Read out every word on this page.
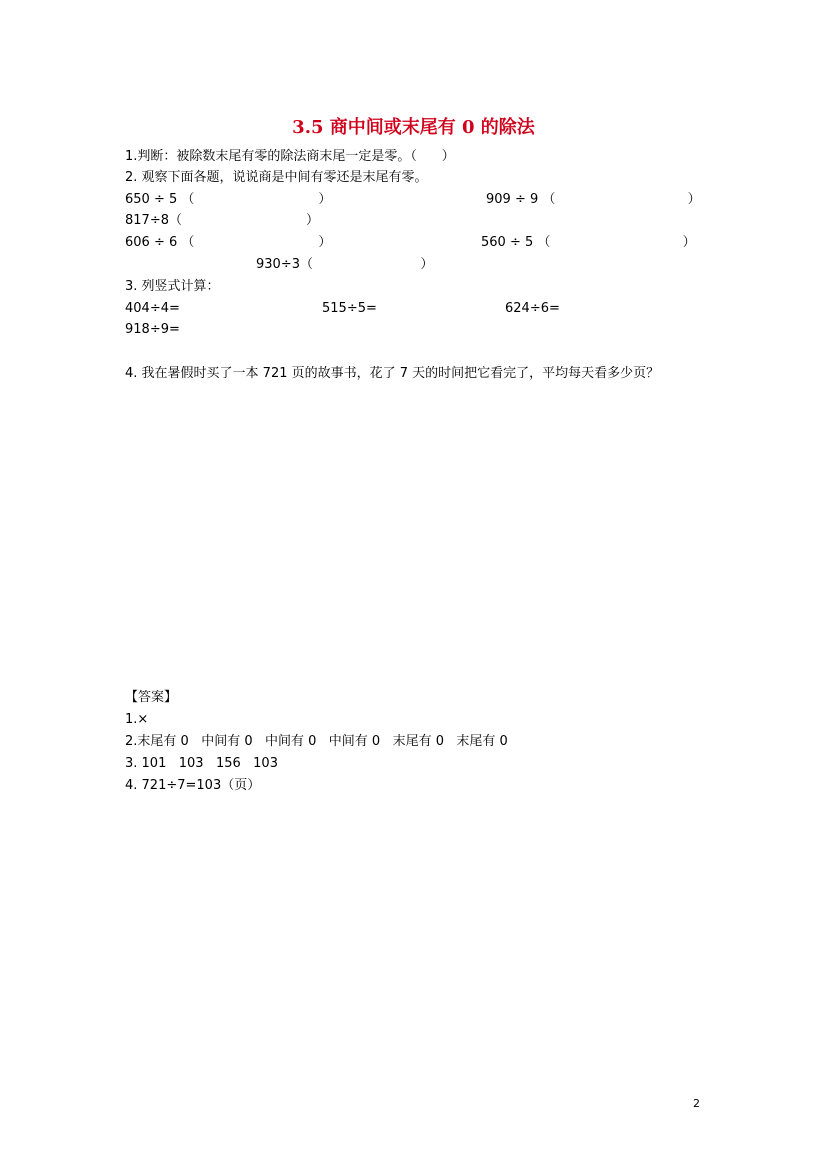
3.5 商中间或末尾有 0 的除法
1.判断：被除数末尾有零的除法商末尾一定是零。（      ）
2. 观察下面各题，说说商是中间有零还是末尾有零。
650 ÷ 5 （                              ）	909 ÷ 9 （                                ）
817÷8（                              ）
606 ÷ 6 （                              ）	560 ÷ 5 （                                ）
930÷3（                          ）
3. 列竖式计算：
404÷4=	515÷5=	624÷6=
918÷9=
4. 我在暑假时买了一本 721 页的故事书，花了 7 天的时间把它看完了，平均每天看多少页？
【答案】
1.×
2.末尾有 0   中间有 0   中间有 0   中间有 0   末尾有 0   末尾有 0
3. 101   103   156   103
4. 721÷7=103（页）
2
